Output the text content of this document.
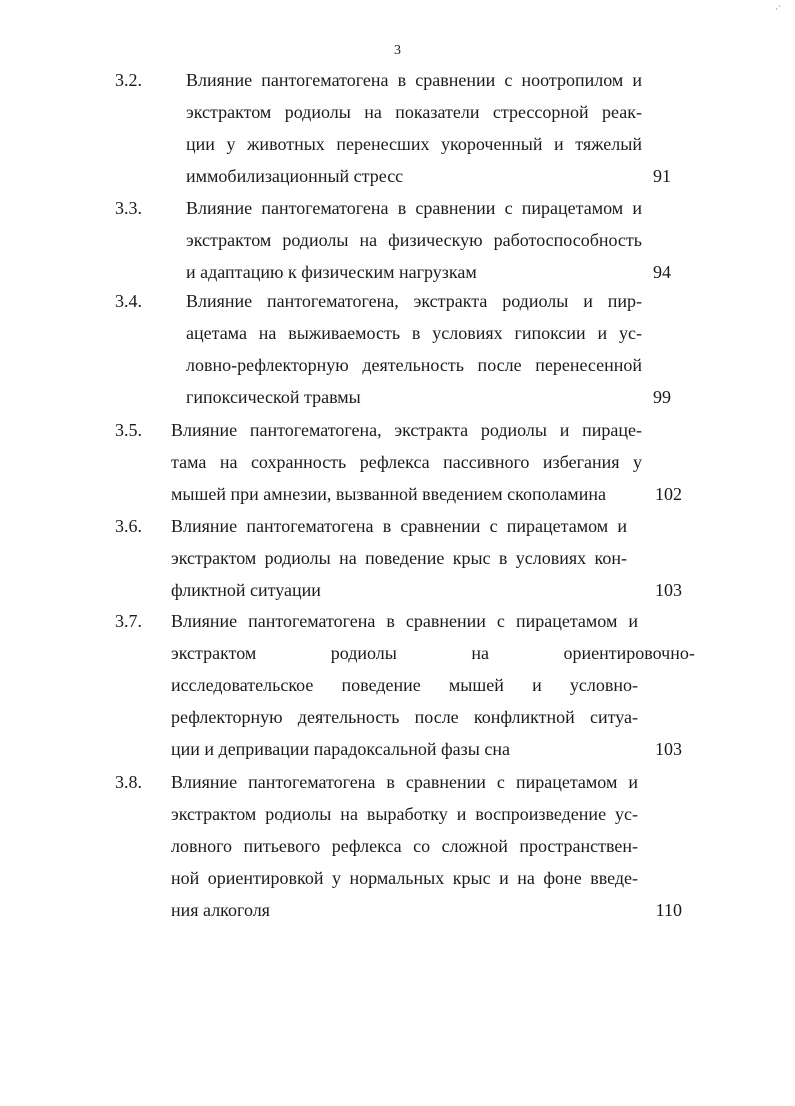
·`
3
3.2. Влияние пантогематогена в сравнении с ноотропилом и
экстрактом родиолы на показатели стрессорной реак-
ции у животных перенесших укороченный и тяжелый
иммобилизационный стресс	91
3.3. Влияние пантогематогена в сравнении с пирацетамом и
экстрактом родиолы на физическую работоспособность
и адаптацию к физическим нагрузкам	94
3.4. Влияние пантогематогена, экстракта родиолы и пир-
ацетама на выживаемость в условиях гипоксии и ус-
ловно-рефлекторную деятельность после перенесенной
гипоксической травмы	99
3.5. Влияние пантогематогена, экстракта родиолы и пираце-
тама на сохранность рефлекса пассивного избегания у
мышей при амнезии, вызванной введением скополамина	102
3.6. Влияние пантогематогена в сравнении с пирацетамом и
экстрактом родиолы на поведение крыс в условиях кон-
фликтной ситуации	103
3.7. Влияние пантогематогена в сравнении с пирацетамом и
экстрактом родиолы на ориентировочно-
исследовательское поведение мышей и условно-
рефлекторную деятельность после конфликтной ситуа-
ции и депривации парадоксальной фазы сна	103
3.8. Влияние пантогематогена в сравнении с пирацетамом и
экстрактом родиолы на выработку и воспроизведение ус-
ловного питьевого рефлекса со сложной пространствен-
ной ориентировкой у нормальных крыс и на фоне введе-
ния алкоголя	110
